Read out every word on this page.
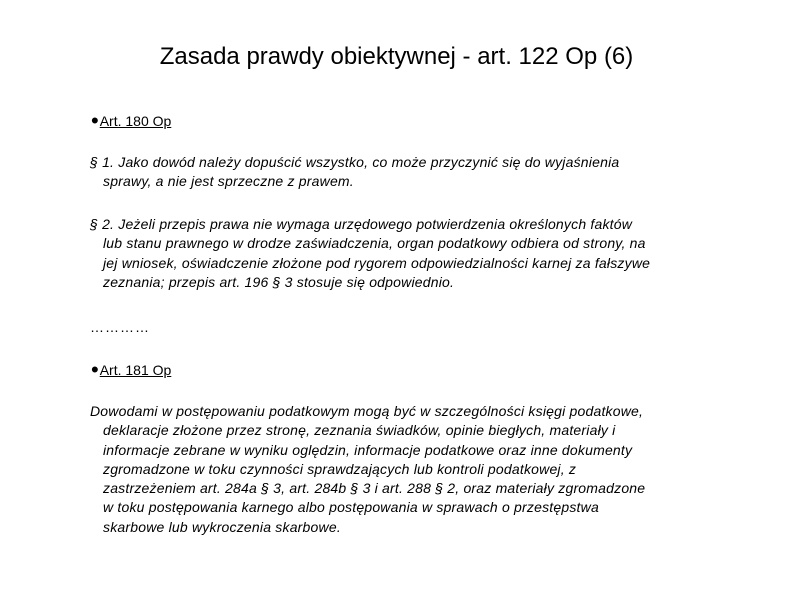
Zasada prawdy obiektywnej - art. 122 Op (6)
•Art. 180 Op
§ 1. Jako dowód należy dopuścić wszystko, co może przyczynić się do wyjaśnienia
sprawy, a nie jest sprzeczne z prawem.
§ 2. Jeżeli przepis prawa nie wymaga urzędowego potwierdzenia określonych faktów
lub stanu prawnego w drodze zaświadczenia, organ podatkowy odbiera od strony, na
jej wniosek, oświadczenie złożone pod rygorem odpowiedzialności karnej za fałszywe
zeznania; przepis art. 196 § 3 stosuje się odpowiednio.
…………
•Art. 181 Op
Dowodami w postępowaniu podatkowym mogą być w szczególności księgi podatkowe,
deklaracje złożone przez stronę, zeznania świadków, opinie biegłych, materiały i
informacje zebrane w wyniku oględzin, informacje podatkowe oraz inne dokumenty
zgromadzone w toku czynności sprawdzających lub kontroli podatkowej, z
zastrzeżeniem art. 284a § 3, art. 284b § 3 i art. 288 § 2, oraz materiały zgromadzone
w toku postępowania karnego albo postępowania w sprawach o przestępstwa
skarbowe lub wykroczenia skarbowe.
